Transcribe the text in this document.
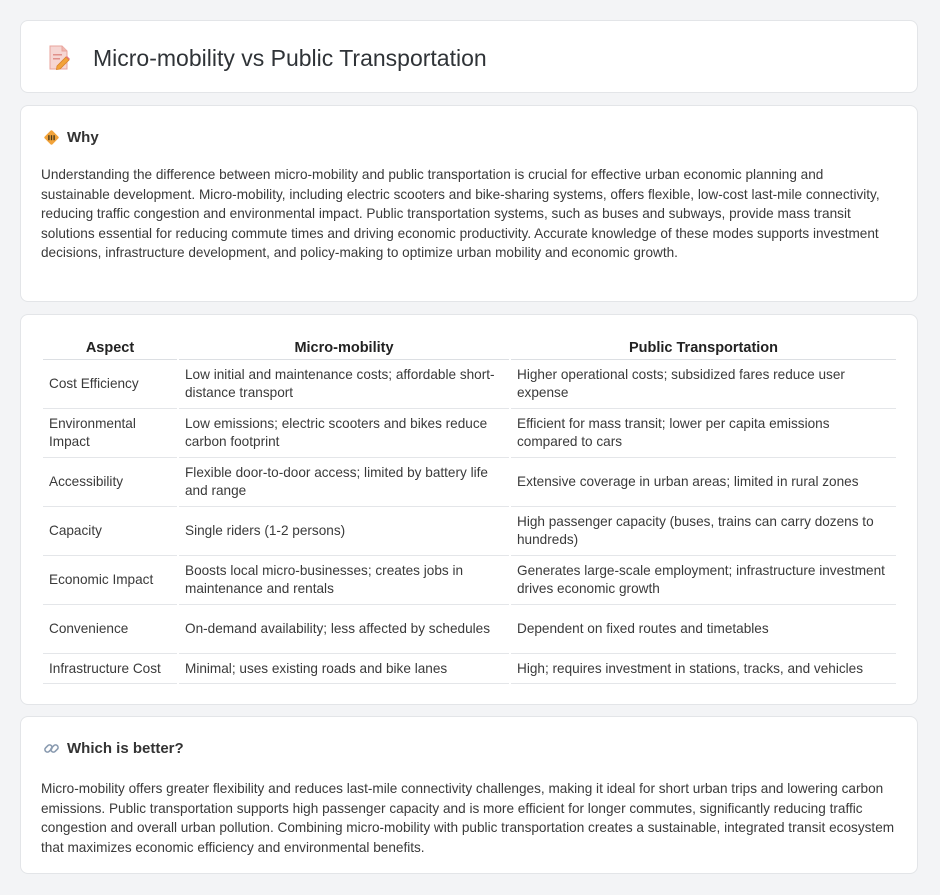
Micro-mobility vs Public Transportation
Why

Understanding the difference between micro-mobility and public transportation is crucial for effective urban economic planning and sustainable development. Micro-mobility, including electric scooters and bike-sharing systems, offers flexible, low-cost last-mile connectivity, reducing traffic congestion and environmental impact. Public transportation systems, such as buses and subways, provide mass transit solutions essential for reducing commute times and driving economic productivity. Accurate knowledge of these modes supports investment decisions, infrastructure development, and policy-making to optimize urban mobility and economic growth.

Aspect	Micro-mobility	Public Transportation
Cost Efficiency	Low initial and maintenance costs; affordable short-distance transport	Higher operational costs; subsidized fares reduce user expense
Environmental Impact	Low emissions; electric scooters and bikes reduce carbon footprint	Efficient for mass transit; lower per capita emissions compared to cars
Accessibility	Flexible door-to-door access; limited by battery life and range	Extensive coverage in urban areas; limited in rural zones
Capacity	Single riders (1-2 persons)	High passenger capacity (buses, trains can carry dozens to hundreds)
Economic Impact	Boosts local micro-businesses; creates jobs in maintenance and rentals	Generates large-scale employment; infrastructure investment drives economic growth
Convenience	On-demand availability; less affected by schedules	Dependent on fixed routes and timetables
Infrastructure Cost	Minimal; uses existing roads and bike lanes	High; requires investment in stations, tracks, and vehicles
Which is better?

Micro-mobility offers greater flexibility and reduces last-mile connectivity challenges, making it ideal for short urban trips and lowering carbon emissions. Public transportation supports high passenger capacity and is more efficient for longer commutes, significantly reducing traffic congestion and overall urban pollution. Combining micro-mobility with public transportation creates a sustainable, integrated transit ecosystem that maximizes economic efficiency and environmental benefits.
